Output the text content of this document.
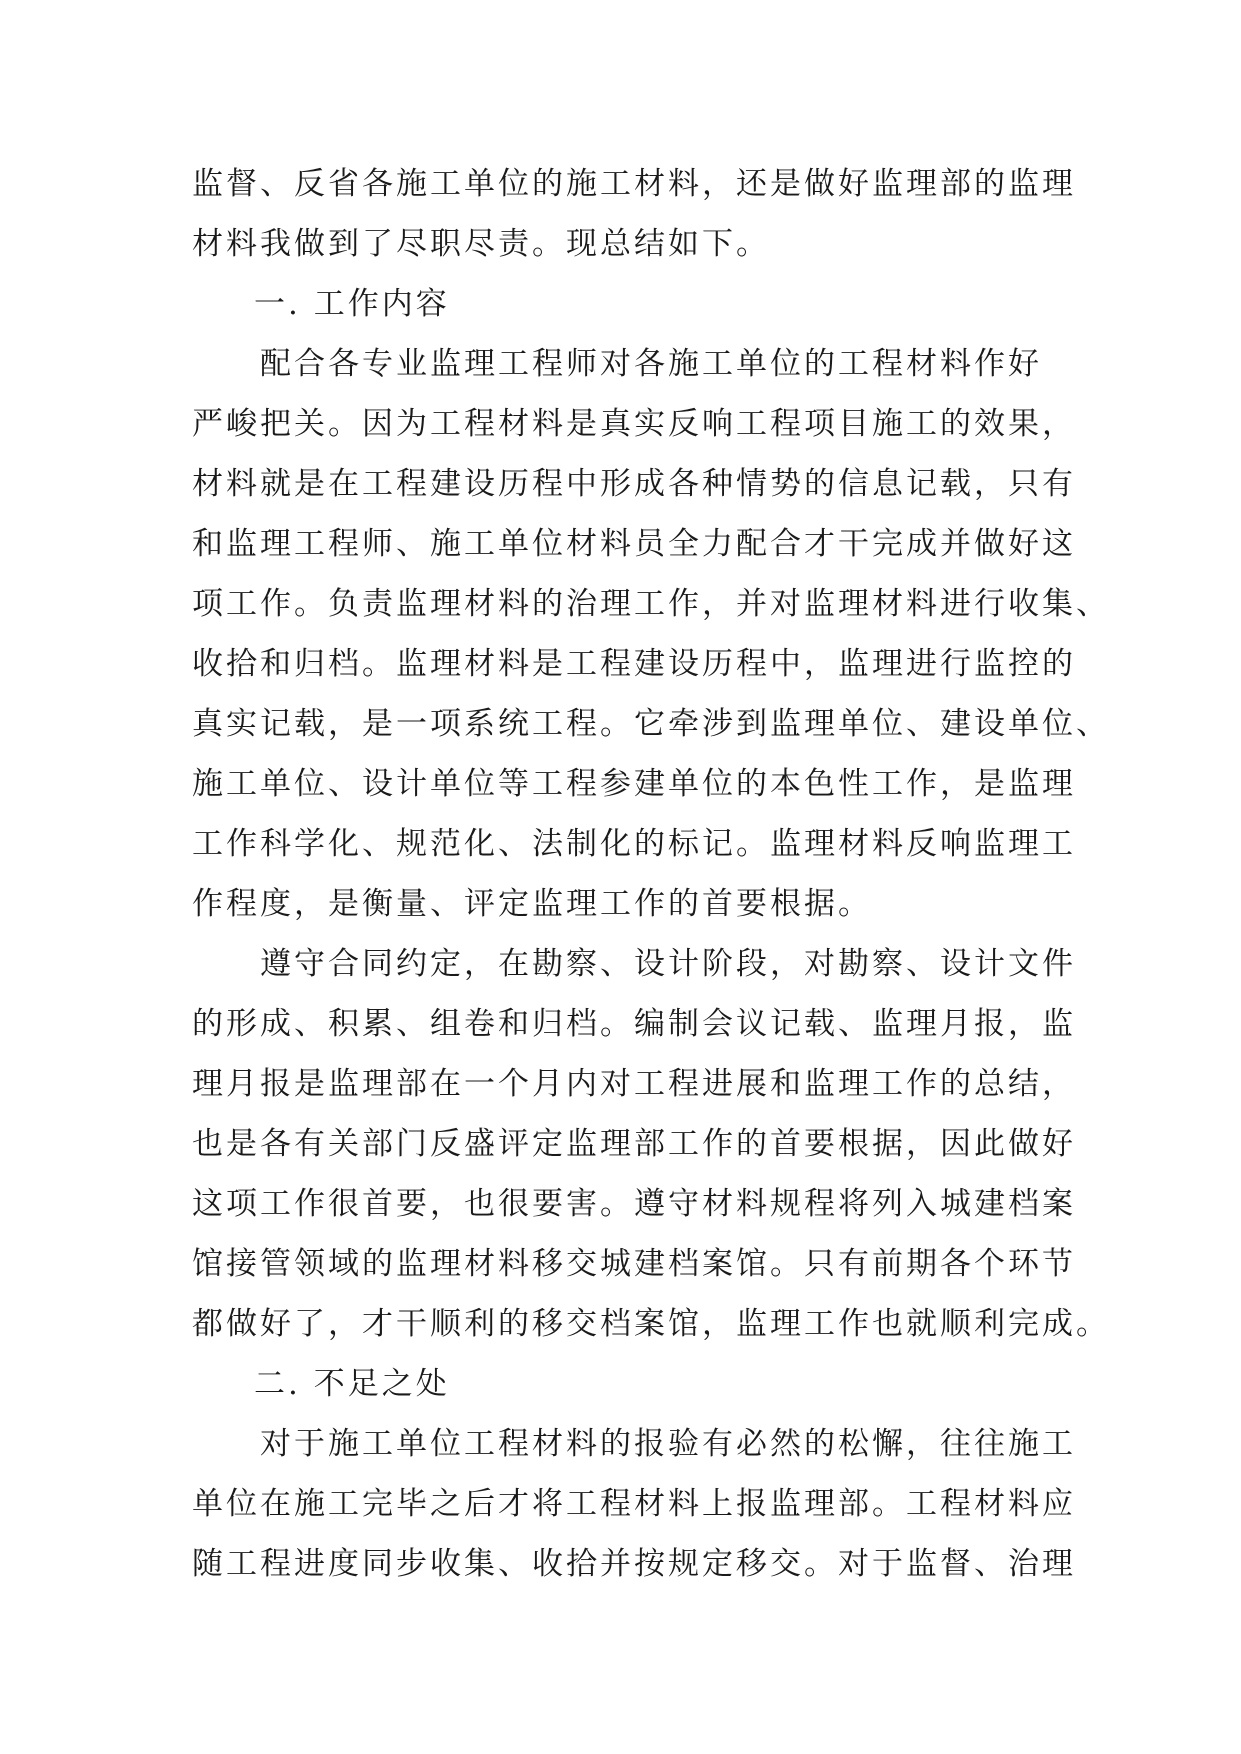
监督、反省各施工单位的施工材料，还是做好监理部的监理
材料我做到了尽职尽责。现总结如下。
一. 工作内容
　　配合各专业监理工程师对各施工单位的工程材料作好
严峻把关。因为工程材料是真实反响工程项目施工的效果，
材料就是在工程建设历程中形成各种情势的信息记载，只有
和监理工程师、施工单位材料员全力配合才干完成并做好这
项工作。负责监理材料的治理工作，并对监理材料进行收集、
收拾和归档。监理材料是工程建设历程中，监理进行监控的
真实记载，是一项系统工程。它牵涉到监理单位、建设单位、
施工单位、设计单位等工程参建单位的本色性工作，是监理
工作科学化、规范化、法制化的标记。监理材料反响监理工
作程度，是衡量、评定监理工作的首要根据。
　　遵守合同约定，在勘察、设计阶段，对勘察、设计文件
的形成、积累、组卷和归档。编制会议记载、监理月报，监
理月报是监理部在一个月内对工程进展和监理工作的总结，
也是各有关部门反盛评定监理部工作的首要根据，因此做好
这项工作很首要，也很要害。遵守材料规程将列入城建档案
馆接管领域的监理材料移交城建档案馆。只有前期各个环节
都做好了，才干顺利的移交档案馆，监理工作也就顺利完成。
二. 不足之处
　　对于施工单位工程材料的报验有必然的松懈，往往施工
单位在施工完毕之后才将工程材料上报监理部。工程材料应
随工程进度同步收集、收拾并按规定移交。对于监督、治理
